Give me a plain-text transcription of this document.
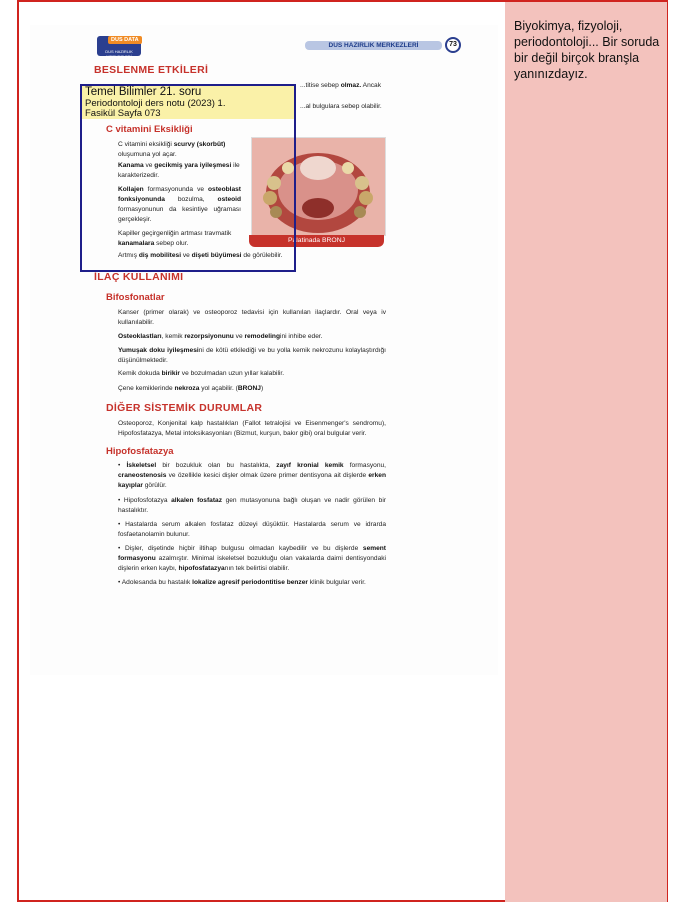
Biyokimya, fizyoloji, periodontoloji... Bir soruda bir değil birçok branşla yanınızdayız.
DUS DATA
DUS HAZIRLIK MERKEZLERİ
DUS HAZIRLIK MERKEZLERİ	73
BESLENME ETKİLERİ
...titise sebep olmaz. Ancak
...al bulgulara sebep olabilir.
C vitamini Eksikliği
C vitamini eksikliği scurvy (skorbüt) oluşumuna yol açar.
Kanama ve gecikmiş yara iyileşmesi ile karakterizedir.
Kollajen formasyonunda ve osteoblast fonksiyonunda bozulma, osteoid formasyonunun da kesintiye uğraması gerçekleşir.
Kapiller geçirgenliğin artması travmatik kanamalara sebep olur.
Artmış diş mobilitesi ve dişeti büyümesi de görülebilir.
Palatinada BRONJ
İLAÇ KULLANIMI
Bifosfonatlar
Kanser (primer olarak) ve osteoporoz tedavisi için kullanılan ilaçlardır. Oral veya iv kullanılabilir.
Osteoklastları, kemik rezorpsiyonunu ve remodelingini inhibe eder.
Yumuşak doku iyileşmesini de kötü etkilediği ve bu yolla kemik nekrozunu kolaylaştırdığı düşünülmektedir.
Kemik dokuda birikir ve bozulmadan uzun yıllar kalabilir.
Çene kemiklerinde nekroza yol açabilir. (BRONJ)
DİĞER SİSTEMİK DURUMLAR
Osteoporoz, Konjenital kalp hastalıkları (Fallot tetralojisi ve Eisenmenger's sendromu), Hipofosfatazya, Metal intoksikasyonları (Bizmut, kurşun, bakır gibi) oral bulgular verir.
Hipofosfatazya
• İskeletsel bir bozukluk olan bu hastalıkta, zayıf kronial kemik formasyonu, craneostenosis ve özellikle kesici dişler olmak üzere primer dentisyona ait dişlerde erken kayıplar görülür.
• Hipofosfotazya alkalen fosfataz gen mutasyonuna bağlı oluşan ve nadir görülen bir hastalıktır.
• Hastalarda serum alkalen fosfataz düzeyi düşüktür. Hastalarda serum ve idrarda fosfaetanolamin bulunur.
• Dişler, dişetinde hiçbir iltihap bulgusu olmadan kaybedilir ve bu dişlerde sement formasyonu azalmıştır. Minimal iskeletsel bozukluğu olan vakalarda daimi dentisyondaki dişlerin erken kaybı, hipofosfatazyanın tek belirtisi olabilir.
• Adolesanda bu hastalık lokalize agresif periodontitise benzer klinik bulgular verir.
Temel Bilimler 21. soru
Periodontoloji ders notu (2023) 1.
Fasikül Sayfa 073
